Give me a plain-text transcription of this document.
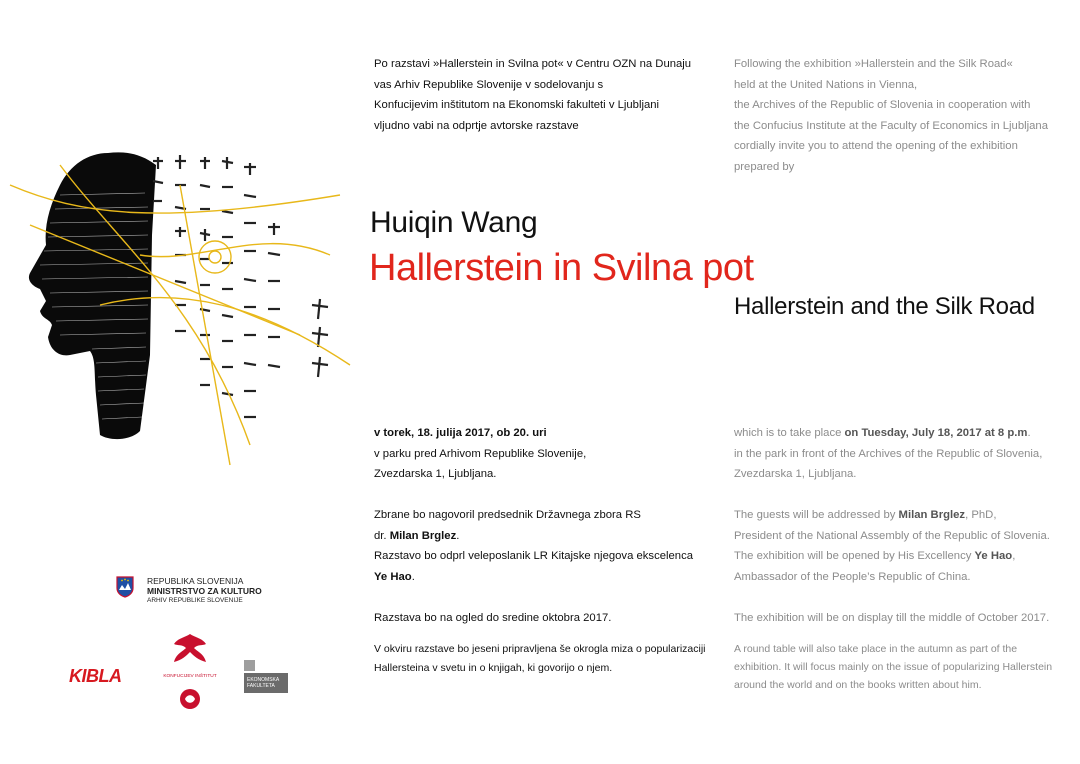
Po razstavi »Hallerstein in Svilna pot« v Centru OZN na Dunaju

vas Arhiv Republike Slovenije v sodelovanju s

Konfucijevim inštitutom na Ekonomski fakulteti v Ljubljani

vljudno vabi na odprtje avtorske razstave

Following the exhibition »Hallerstein and the Silk Road«

held at the United Nations in Vienna,

the Archives of the Republic of Slovenia in cooperation with

the Confucius Institute at the Faculty of Economics in Ljubljana

cordially invite you to attend the opening of the exhibition

prepared by

Huiqin Wang
Hallerstein in Svilna pot
Hallerstein and the Silk Road

v torek, 18. julija 2017, ob 20. uri

v parku pred Arhivom Republike Slovenije,

Zvezdarska 1, Ljubljana.

Zbrane bo nagovoril predsednik Državnega zbora RS

dr. Milan Brglez.

Razstavo bo odprl veleposlanik LR Kitajske njegova ekscelenca

Ye Hao.

Razstava bo na ogled do sredine oktobra 2017.

V okviru razstave bo jeseni pripravljena še okrogla miza o popularizaciji

Hallersteina v svetu in o knjigah, ki govorijo o njem.

which is to take place on Tuesday, July 18, 2017 at 8 p.m.

in the park in front of the Archives of the Republic of Slovenia,

Zvezdarska 1, Ljubljana.

The guests will be addressed by Milan Brglez, PhD,

President of the National Assembly of the Republic of Slovenia.

The exhibition will be opened by His Excellency Ye Hao,

Ambassador of the People’s Republic of China.

The exhibition will be on display till the middle of October 2017.

A round table will also take place in the autumn as part of the

exhibition. It will focus mainly on the issue of popularizing Hallerstein

around the world and on the books written about him.

REPUBLIKA SLOVENIJA
MINISTRSTVO ZA KULTURO
ARHIV REPUBLIKE SLOVENIJE
KIBLA	KONFUCIJEV INŠTITUT
EKONOMSKA FAKULTETA
